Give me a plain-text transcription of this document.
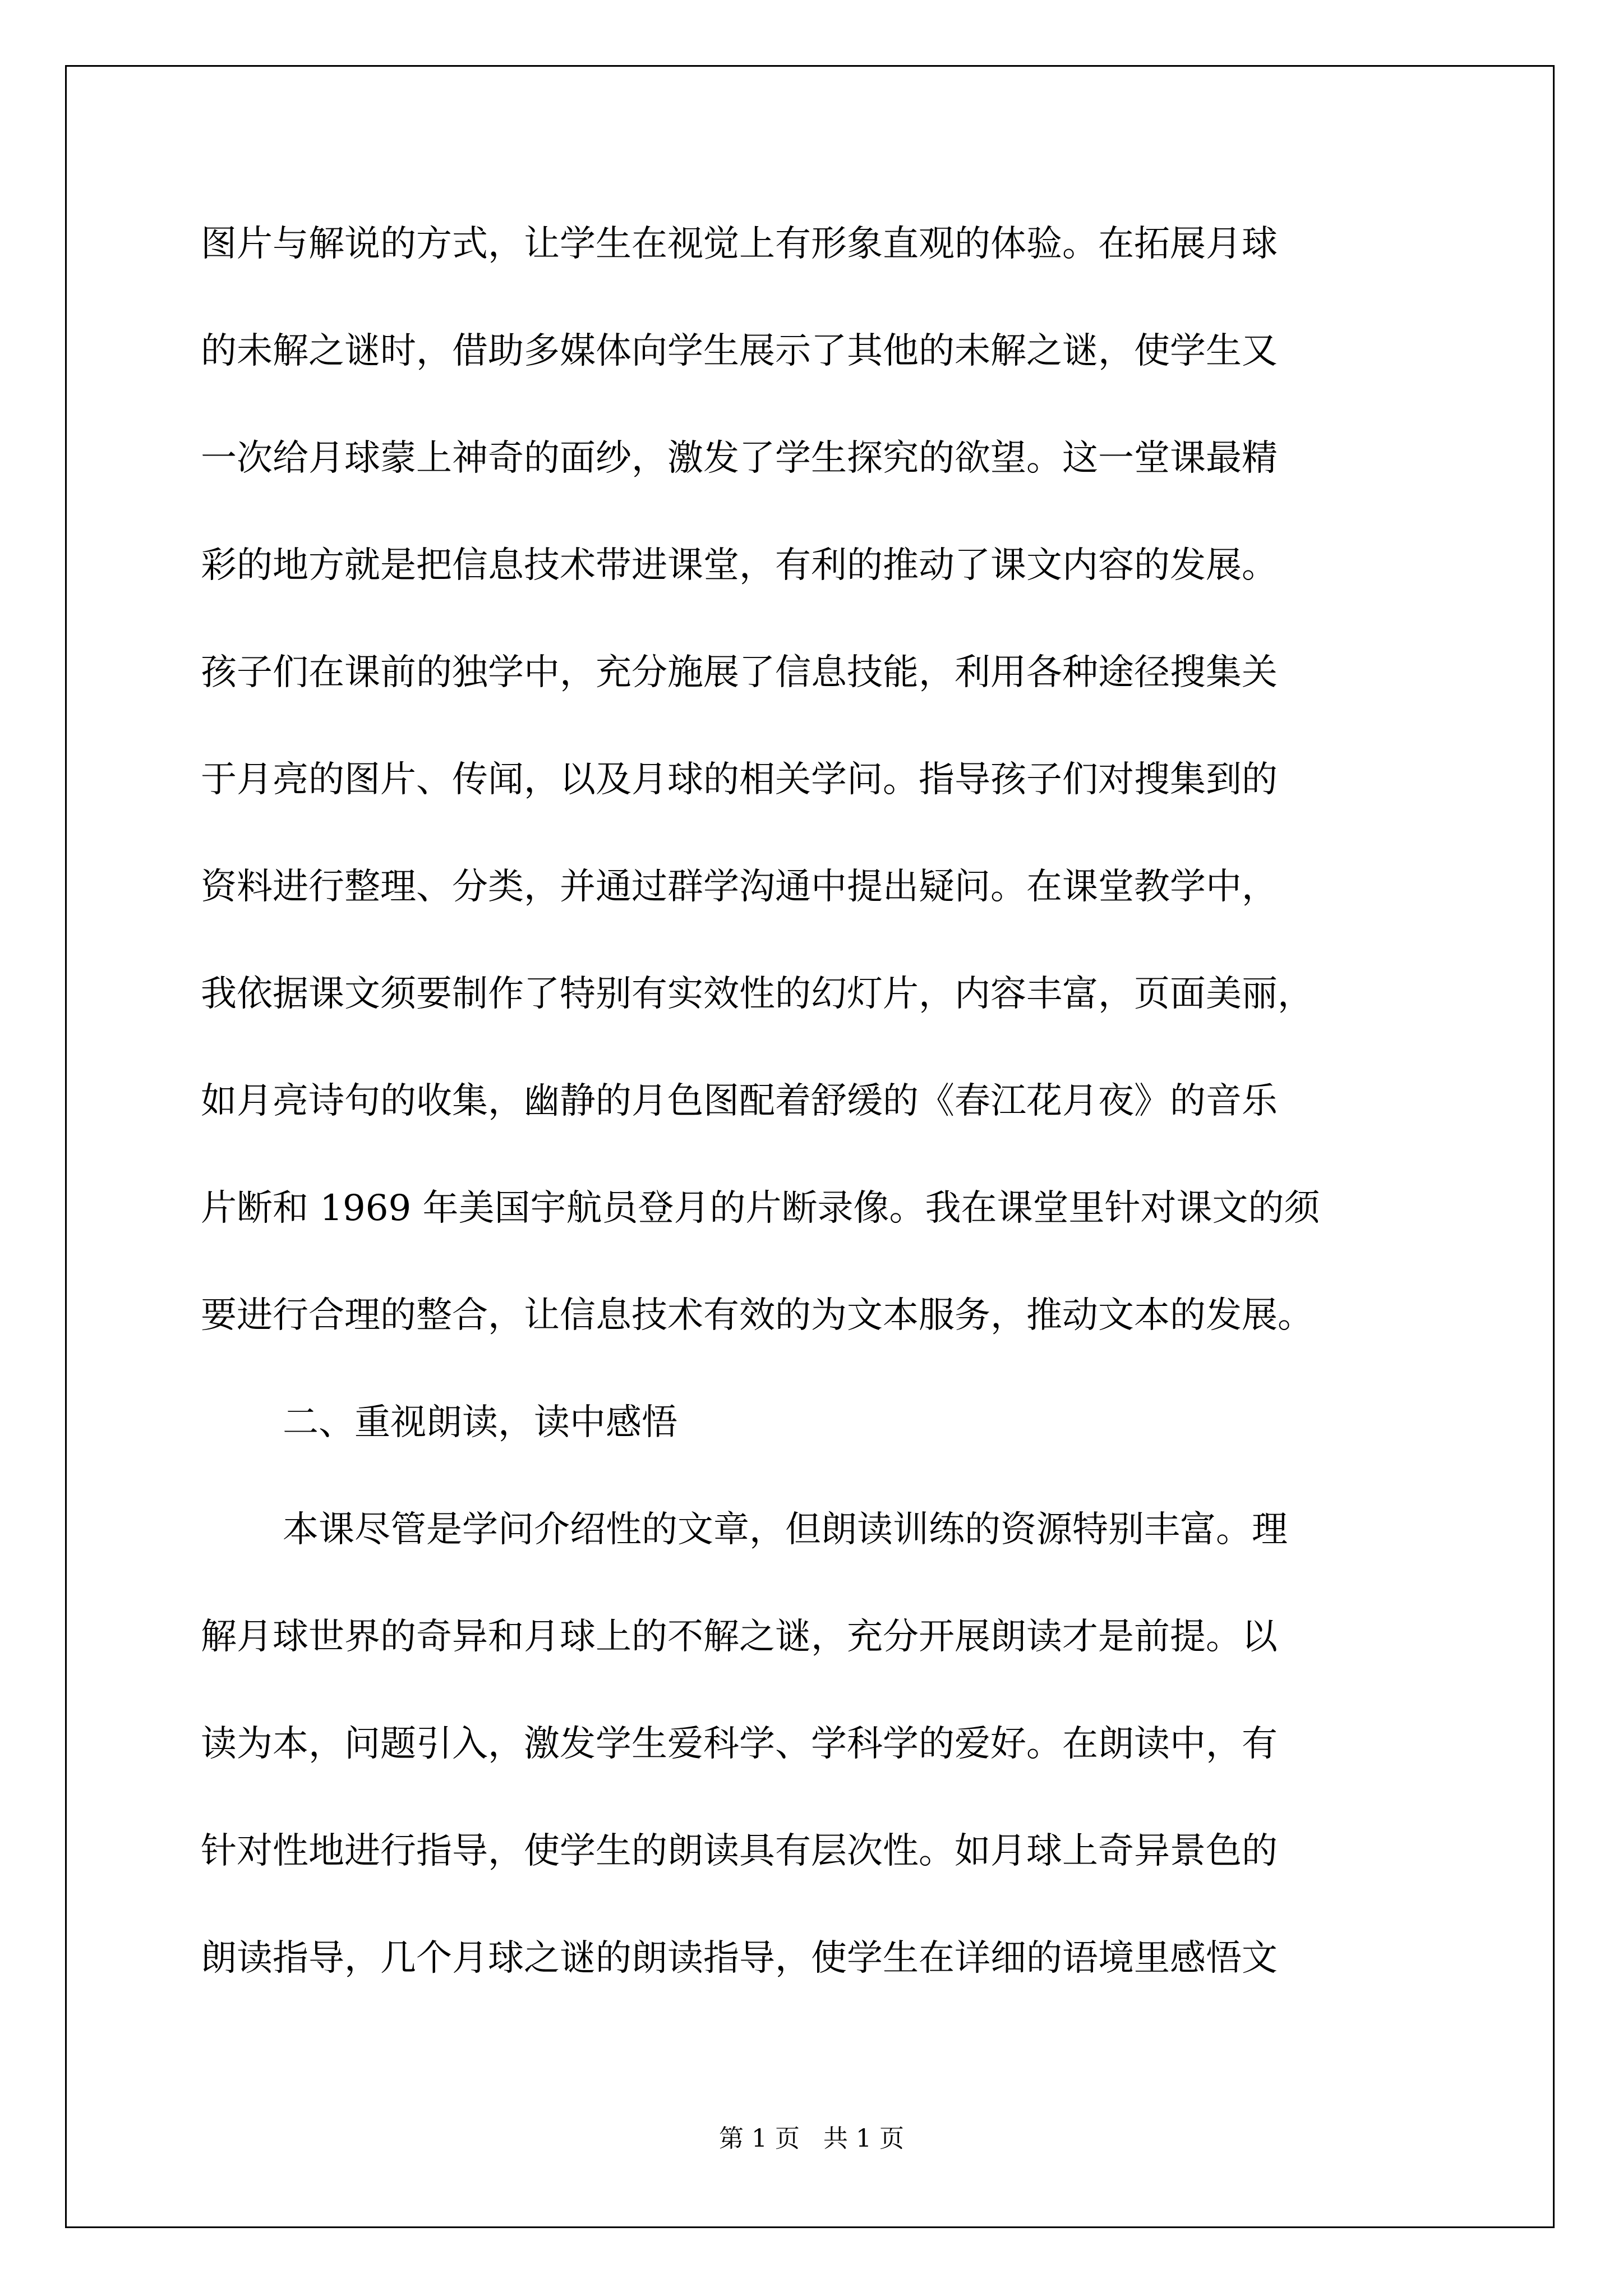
图片与解说的方式，让学生在视觉上有形象直观的体验。在拓展月球
的未解之谜时，借助多媒体向学生展示了其他的未解之谜，使学生又
一次给月球蒙上神奇的面纱，激发了学生探究的欲望。这一堂课最精
彩的地方就是把信息技术带进课堂，有利的推动了课文内容的发展。
孩子们在课前的独学中，充分施展了信息技能，利用各种途径搜集关
于月亮的图片、传闻，以及月球的相关学问。指导孩子们对搜集到的
资料进行整理、分类，并通过群学沟通中提出疑问。在课堂教学中，
我依据课文须要制作了特别有实效性的幻灯片，内容丰富，页面美丽，
如月亮诗句的收集，幽静的月色图配着舒缓的《春江花月夜》的音乐
片断和 1969 年美国宇航员登月的片断录像。我在课堂里针对课文的须
要进行合理的整合，让信息技术有效的为文本服务，推动文本的发展。
二、重视朗读，读中感悟
本课尽管是学问介绍性的文章，但朗读训练的资源特别丰富。理
解月球世界的奇异和月球上的不解之谜，充分开展朗读才是前提。以
读为本，问题引入，激发学生爱科学、学科学的爱好。在朗读中，有
针对性地进行指导，使学生的朗读具有层次性。如月球上奇异景色的
朗读指导，几个月球之谜的朗读指导，使学生在详细的语境里感悟文
第 1 页   共 1 页
